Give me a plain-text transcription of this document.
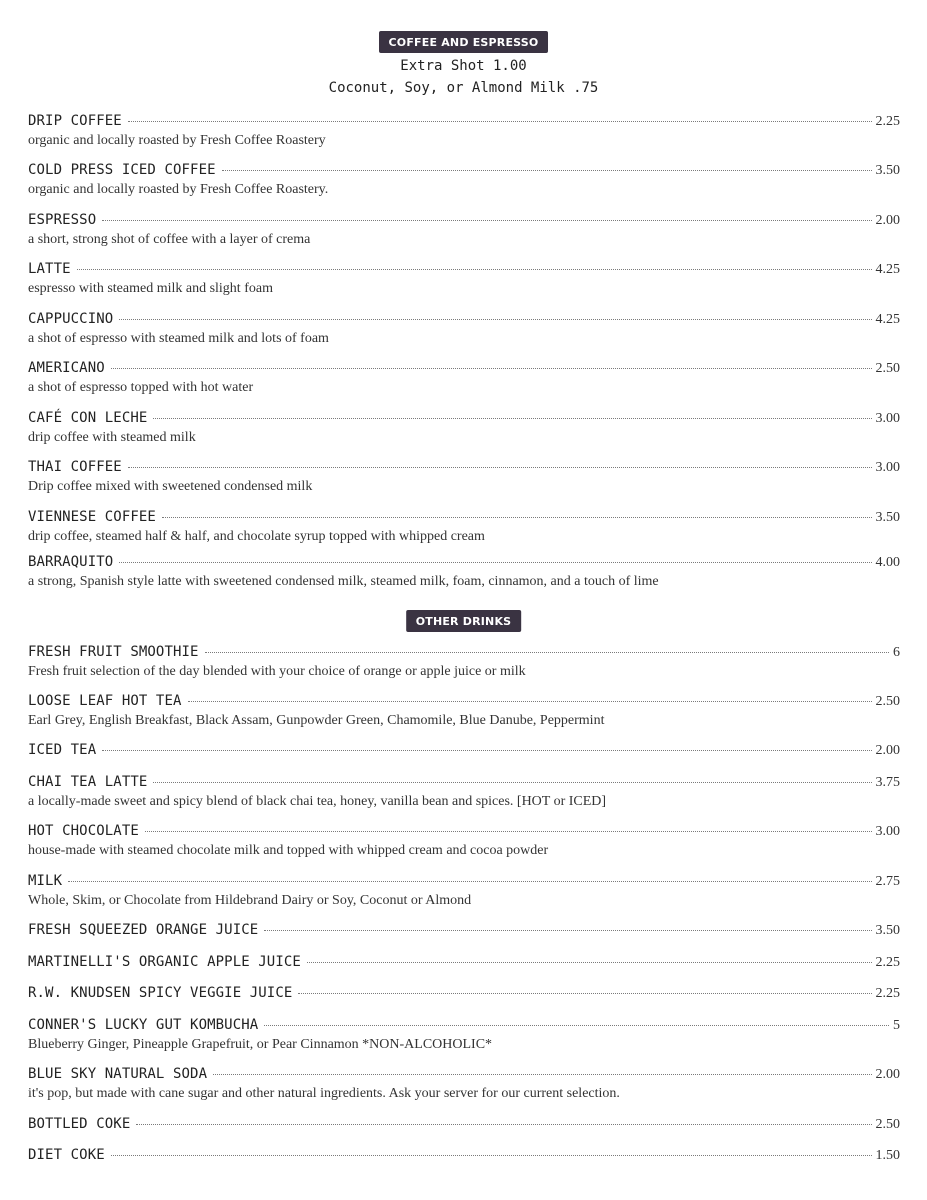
COFFEE AND ESPRESSO
Extra Shot 1.00
Coconut, Soy, or Almond Milk .75
DRIP COFFEE	2.25
organic and locally roasted by Fresh Coffee Roastery
COLD PRESS ICED COFFEE	3.50
organic and locally roasted by Fresh Coffee Roastery.
ESPRESSO	2.00
a short, strong shot of coffee with a layer of crema
LATTE	4.25
espresso with steamed milk and slight foam
CAPPUCCINO	4.25
a shot of espresso with steamed milk and lots of foam
AMERICANO	2.50
a shot of espresso topped with hot water
CAFÉ CON LECHE	3.00
drip coffee with steamed milk
THAI COFFEE	3.00
Drip coffee mixed with sweetened condensed milk
VIENNESE COFFEE	3.50
drip coffee, steamed half & half, and chocolate syrup topped with whipped cream
BARRAQUITO	4.00
a strong, Spanish style latte with sweetened condensed milk, steamed milk, foam, cinnamon, and a touch of lime
OTHER DRINKS
FRESH FRUIT SMOOTHIE	6
Fresh fruit selection of the day blended with your choice of orange or apple juice or milk
LOOSE LEAF HOT TEA	2.50
Earl Grey, English Breakfast, Black Assam, Gunpowder Green, Chamomile, Blue Danube, Peppermint
ICED TEA	2.00
CHAI TEA LATTE	3.75
a locally-made sweet and spicy blend of black chai tea, honey, vanilla bean and spices. [HOT or ICED]
HOT CHOCOLATE	3.00
house-made with steamed chocolate milk and topped with whipped cream and cocoa powder
MILK	2.75
Whole, Skim, or Chocolate from Hildebrand Dairy or Soy, Coconut or Almond
FRESH SQUEEZED ORANGE JUICE	3.50
MARTINELLI'S ORGANIC APPLE JUICE	2.25
R.W. KNUDSEN SPICY VEGGIE JUICE	2.25
CONNER'S LUCKY GUT KOMBUCHA	5
Blueberry Ginger, Pineapple Grapefruit, or Pear Cinnamon *NON-ALCOHOLIC*
BLUE SKY NATURAL SODA	2.00
it's pop, but made with cane sugar and other natural ingredients. Ask your server for our current selection.
BOTTLED COKE	2.50
DIET COKE	1.50
